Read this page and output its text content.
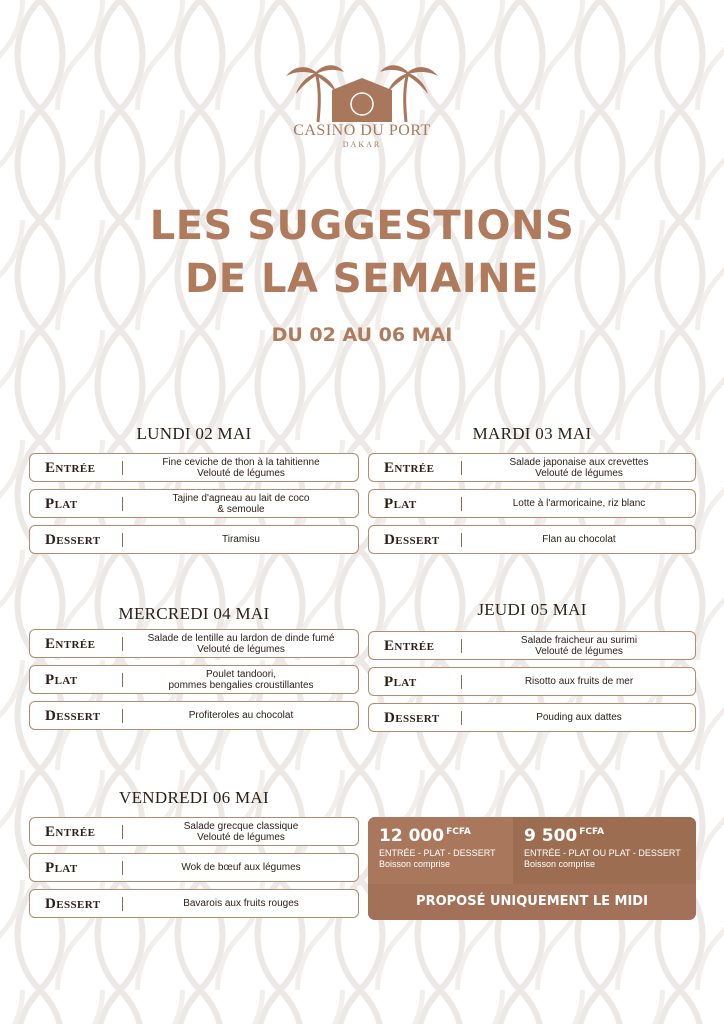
CASINO DU PORT
DAKAR
LES SUGGESTIONS
DE LA SEMAINE
DU 02 AU 06 MAI
LUNDI 02 MAI
Entrée	Fine ceviche de thon à la tahitienne
Velouté de légumes
Plat	Tajine d'agneau au lait de coco
& semoule
Dessert	Tiramisu
MARDI 03 MAI
Entrée	Salade japonaise aux crevettes
Velouté de légumes
Plat	Lotte à l'armoricaine, riz blanc
Dessert	Flan au chocolat
MERCREDI 04 MAI
Entrée	Salade de lentille au lardon de dinde fumé
Velouté de légumes
Plat	Poulet tandoori,
pommes bengalies croustillantes
Dessert	Profiteroles au chocolat
JEUDI 05 MAI
Entrée	Salade fraicheur au surimi
Velouté de légumes
Plat	Risotto aux fruits de mer
Dessert	Pouding aux dattes
VENDREDI 06 MAI
Entrée	Salade grecque classique
Velouté de légumes
Plat	Wok de bœuf aux légumes
Dessert	Bavarois aux fruits rouges
12 000 $^{FCFA}$
ENTRÉE - PLAT - DESSERT
Boisson comprise
9 500 $^{FCFA}$
ENTRÉE - PLAT OU PLAT - DESSERT
Boisson comprise
PROPOSÉ UNIQUEMENT LE MIDI
